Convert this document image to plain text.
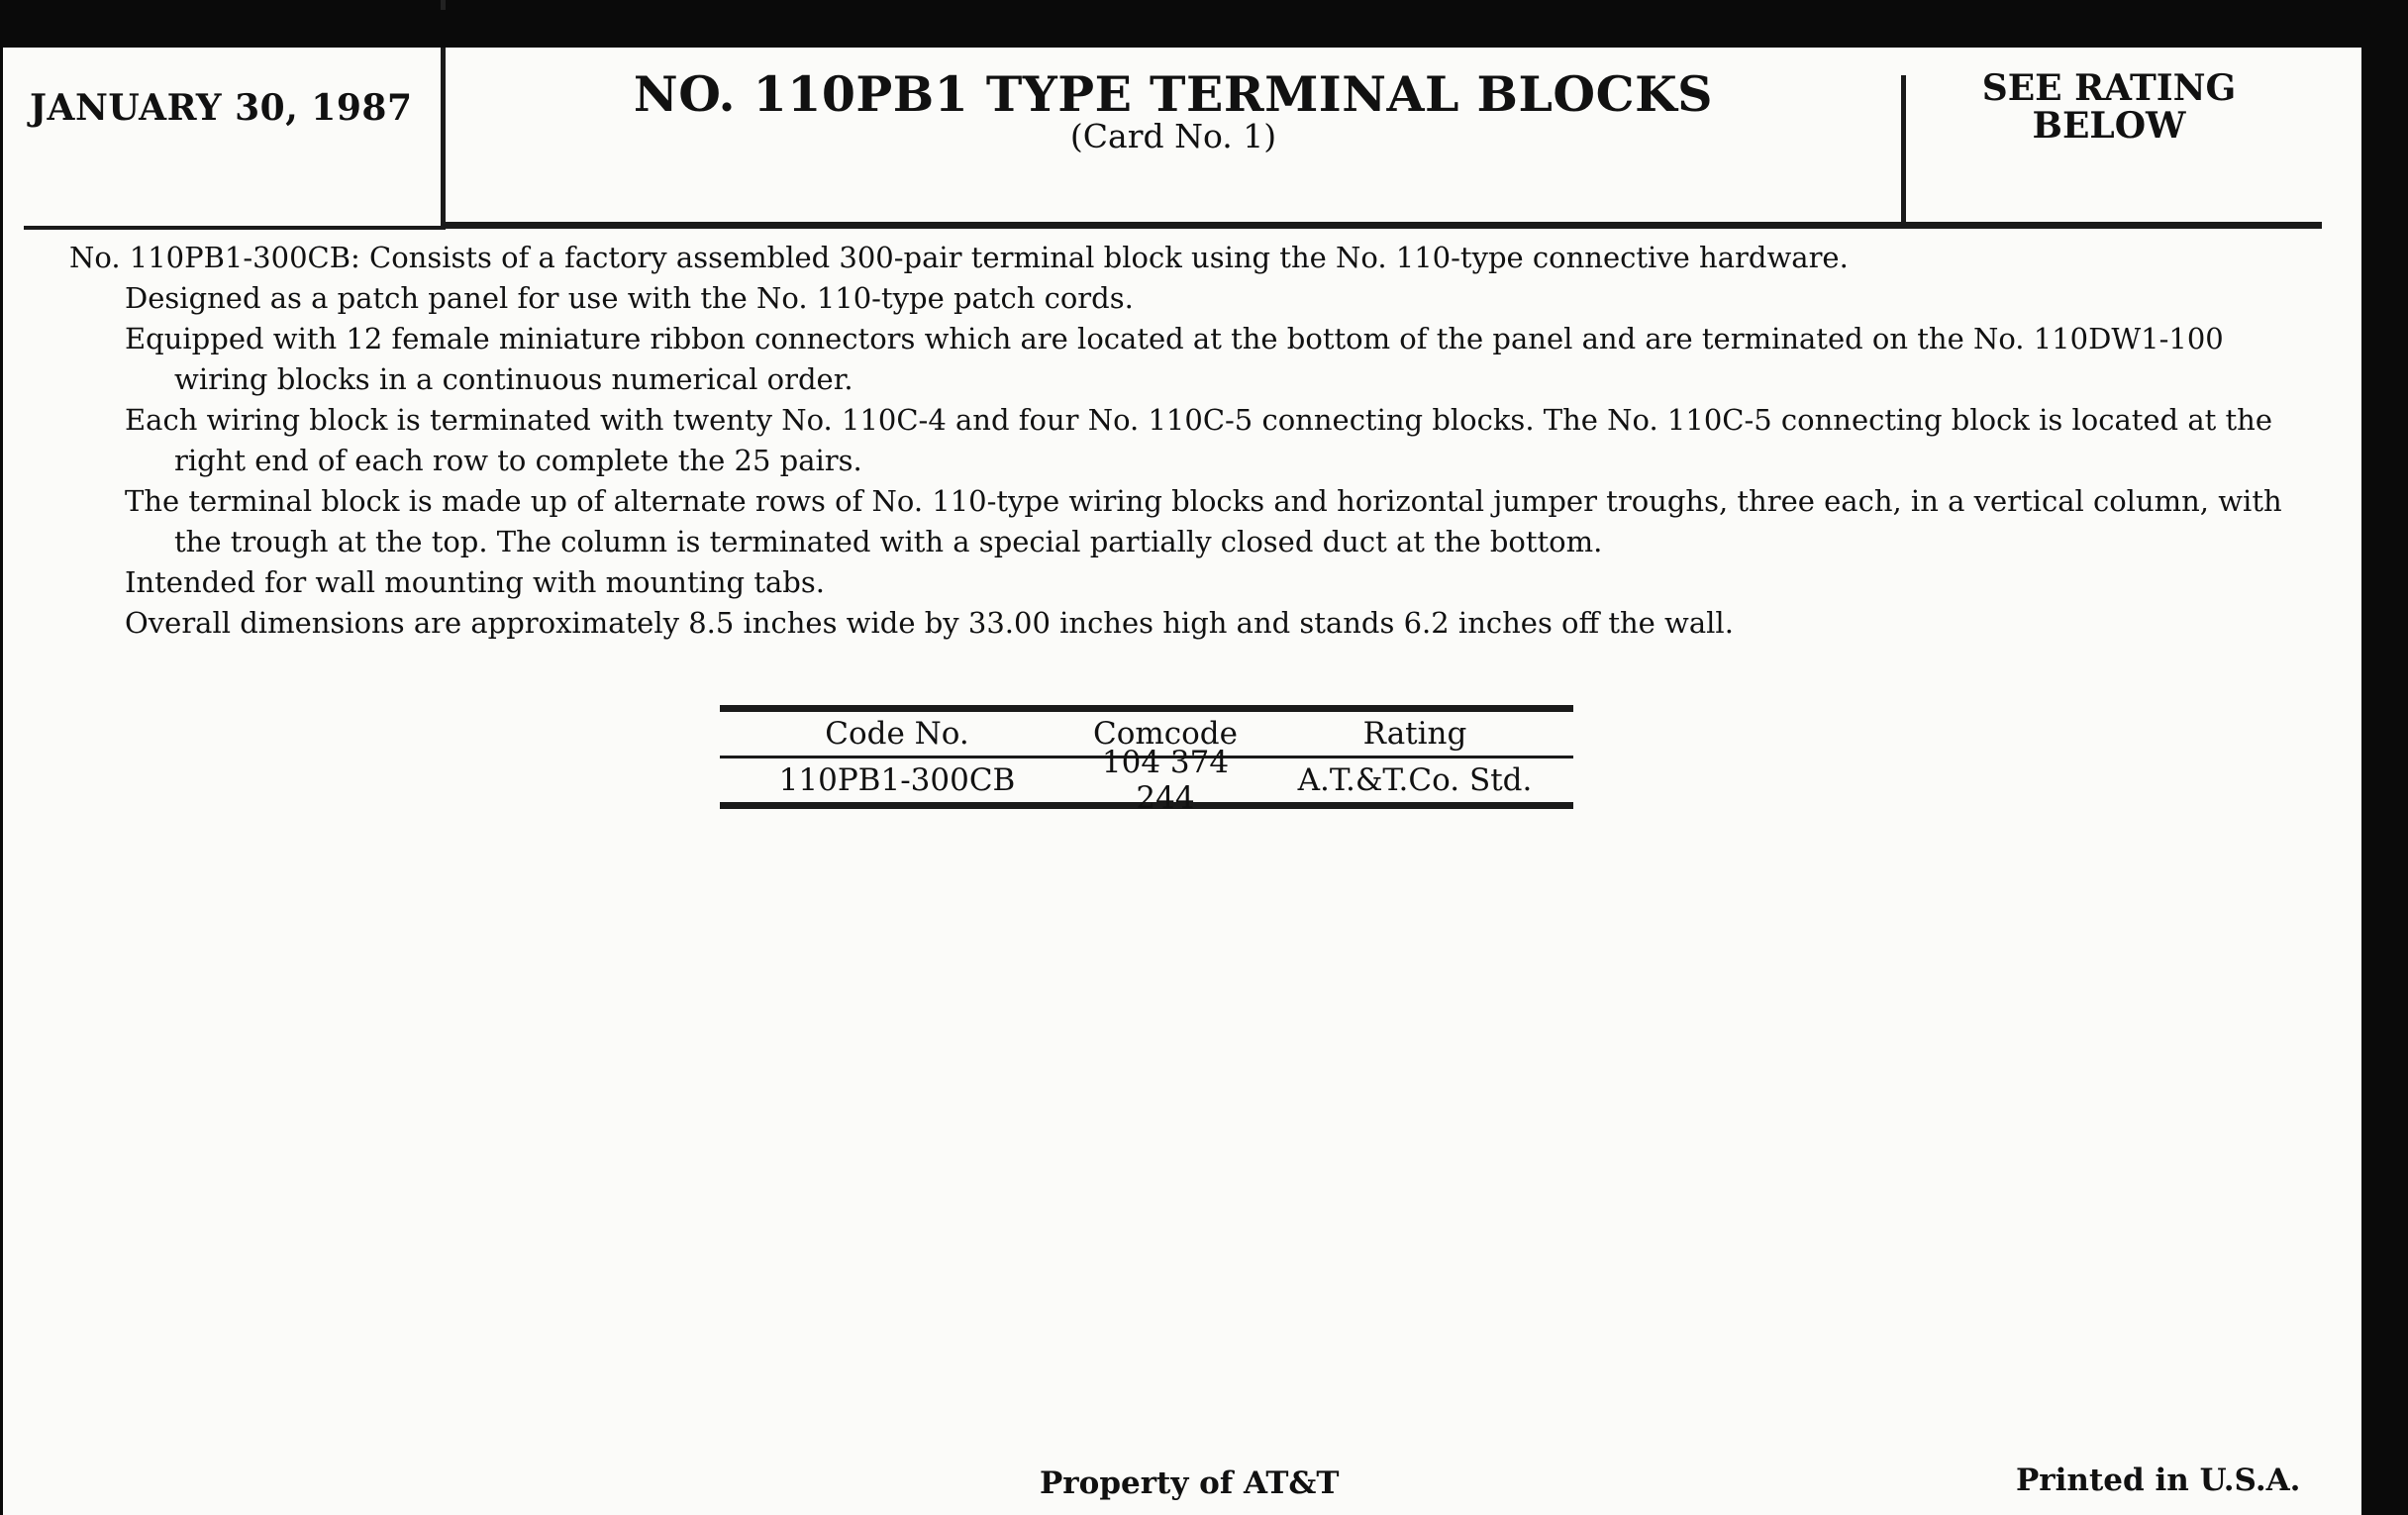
JANUARY 30, 1987	NO. 110PB1 TYPE TERMINAL BLOCKS
(Card No. 1)
SEE RATING
BELOW

No. 110PB1-300CB: Consists of a factory assembled 300-pair terminal block using the No. 110-type connective hardware.

Designed as a patch panel for use with the No. 110-type patch cords.

Equipped with 12 female miniature ribbon connectors which are located at the bottom of the panel and are terminated on the No. 110DW1-100 wiring blocks in a continuous numerical order.

Each wiring block is terminated with twenty No. 110C-4 and four No. 110C-5 connecting blocks. The No. 110C-5 connecting block is located at the right end of each row to complete the 25 pairs.

The terminal block is made up of alternate rows of No. 110-type wiring blocks and horizontal jumper troughs, three each, in a vertical column, with the trough at the top. The column is terminated with a special partially closed duct at the bottom.

Intended for wall mounting with mounting tabs.

Overall dimensions are approximately 8.5 inches wide by 33.00 inches high and stands 6.2 inches off the wall.

Code No.	Comcode	Rating
110PB1-300CB	104 374 244	A.T.&T.Co. Std.
Property of AT&T	Printed in U.S.A.
